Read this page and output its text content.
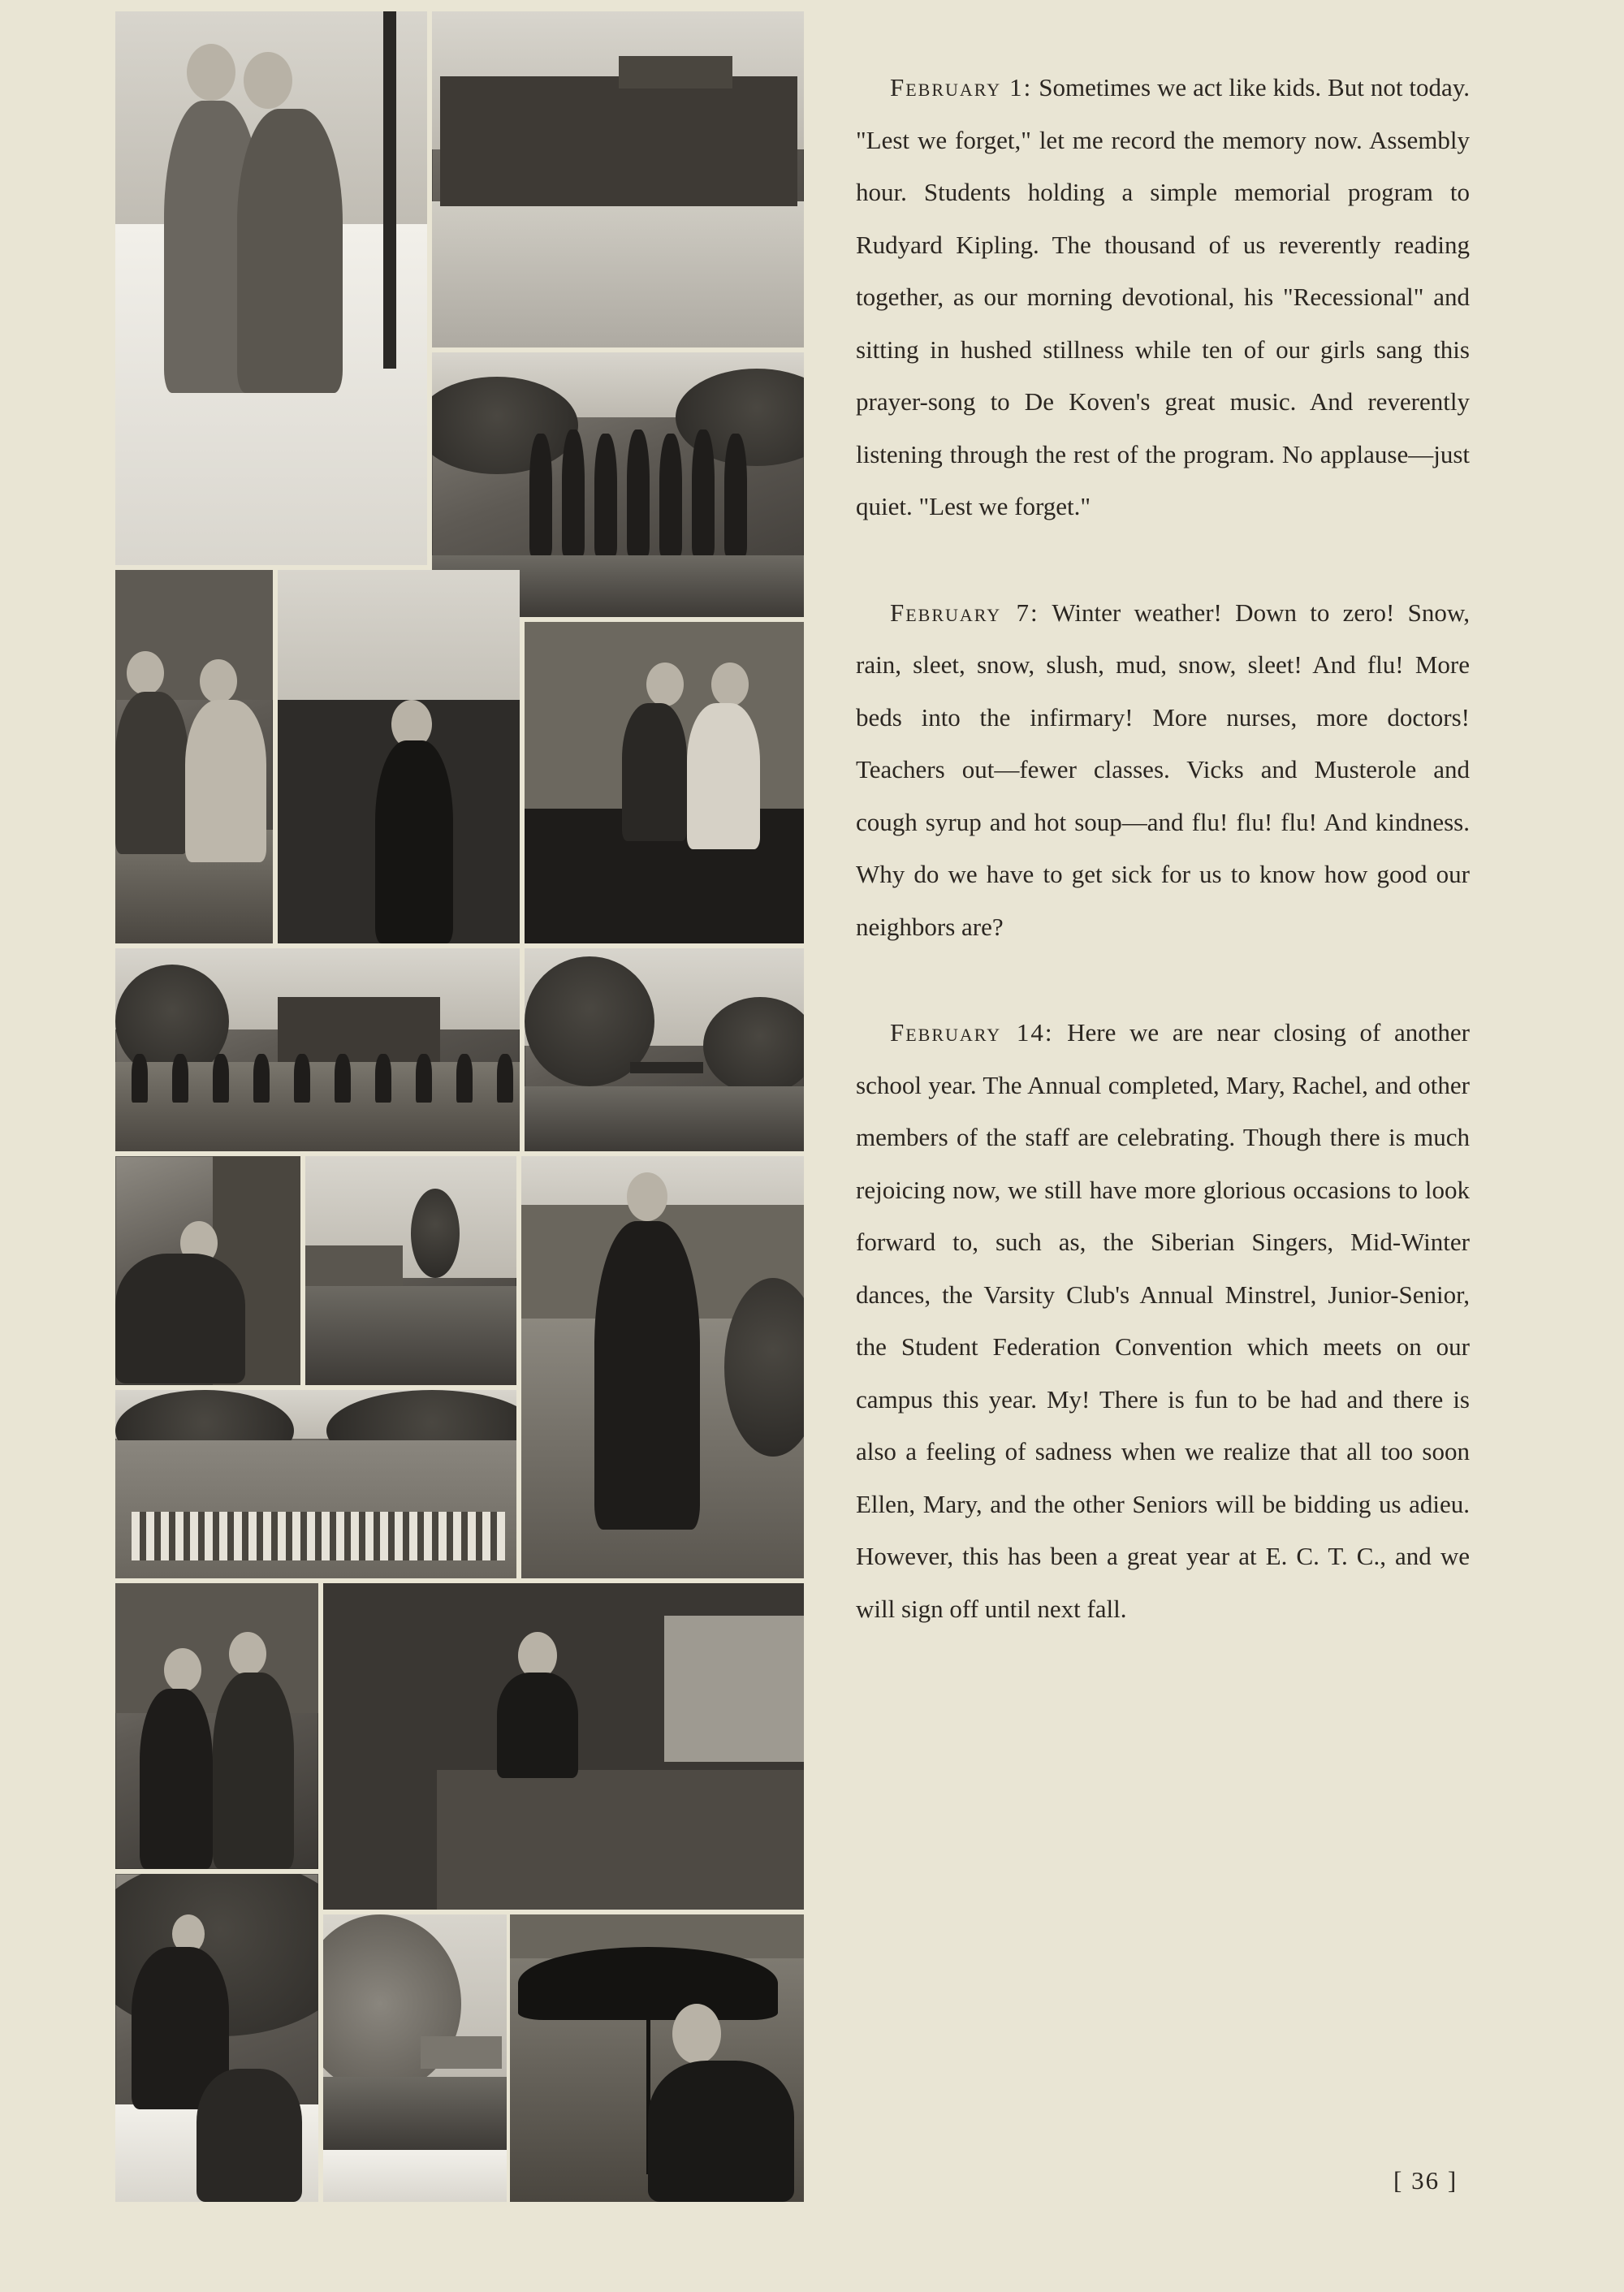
February 1: Sometimes we act like kids. But not today. "Lest we forget," let me record the memory now. Assembly hour. Students holding a simple memorial program to Rudyard Kipling. The thousand of us reverently reading together, as our morning devotional, his "Recessional" and sitting in hushed stillness while ten of our girls sang this prayer-song to De Koven's great music. And reverently listening through the rest of the program. No applause—just quiet. "Lest we forget."

February 7: Winter weather! Down to zero! Snow, rain, sleet, snow, slush, mud, snow, sleet! And flu! More beds into the infirmary! More nurses, more doctors! Teachers out—fewer classes. Vicks and Musterole and cough syrup and hot soup—and flu! flu! flu! And kindness. Why do we have to get sick for us to know how good our neighbors are?

February 14: Here we are near closing of another school year. The Annual completed, Mary, Rachel, and other members of the staff are celebrating. Though there is much rejoicing now, we still have more glorious occasions to look forward to, such as, the Siberian Singers, Mid-Winter dances, the Varsity Club's Annual Minstrel, Junior-Senior, the Student Federation Convention which meets on our campus this year. My! There is fun to be had and there is also a feeling of sadness when we realize that all too soon Ellen, Mary, and the other Seniors will be bidding us adieu. However, this has been a great year at E. C. T. C., and we will sign off until next fall.

[ 36 ]
